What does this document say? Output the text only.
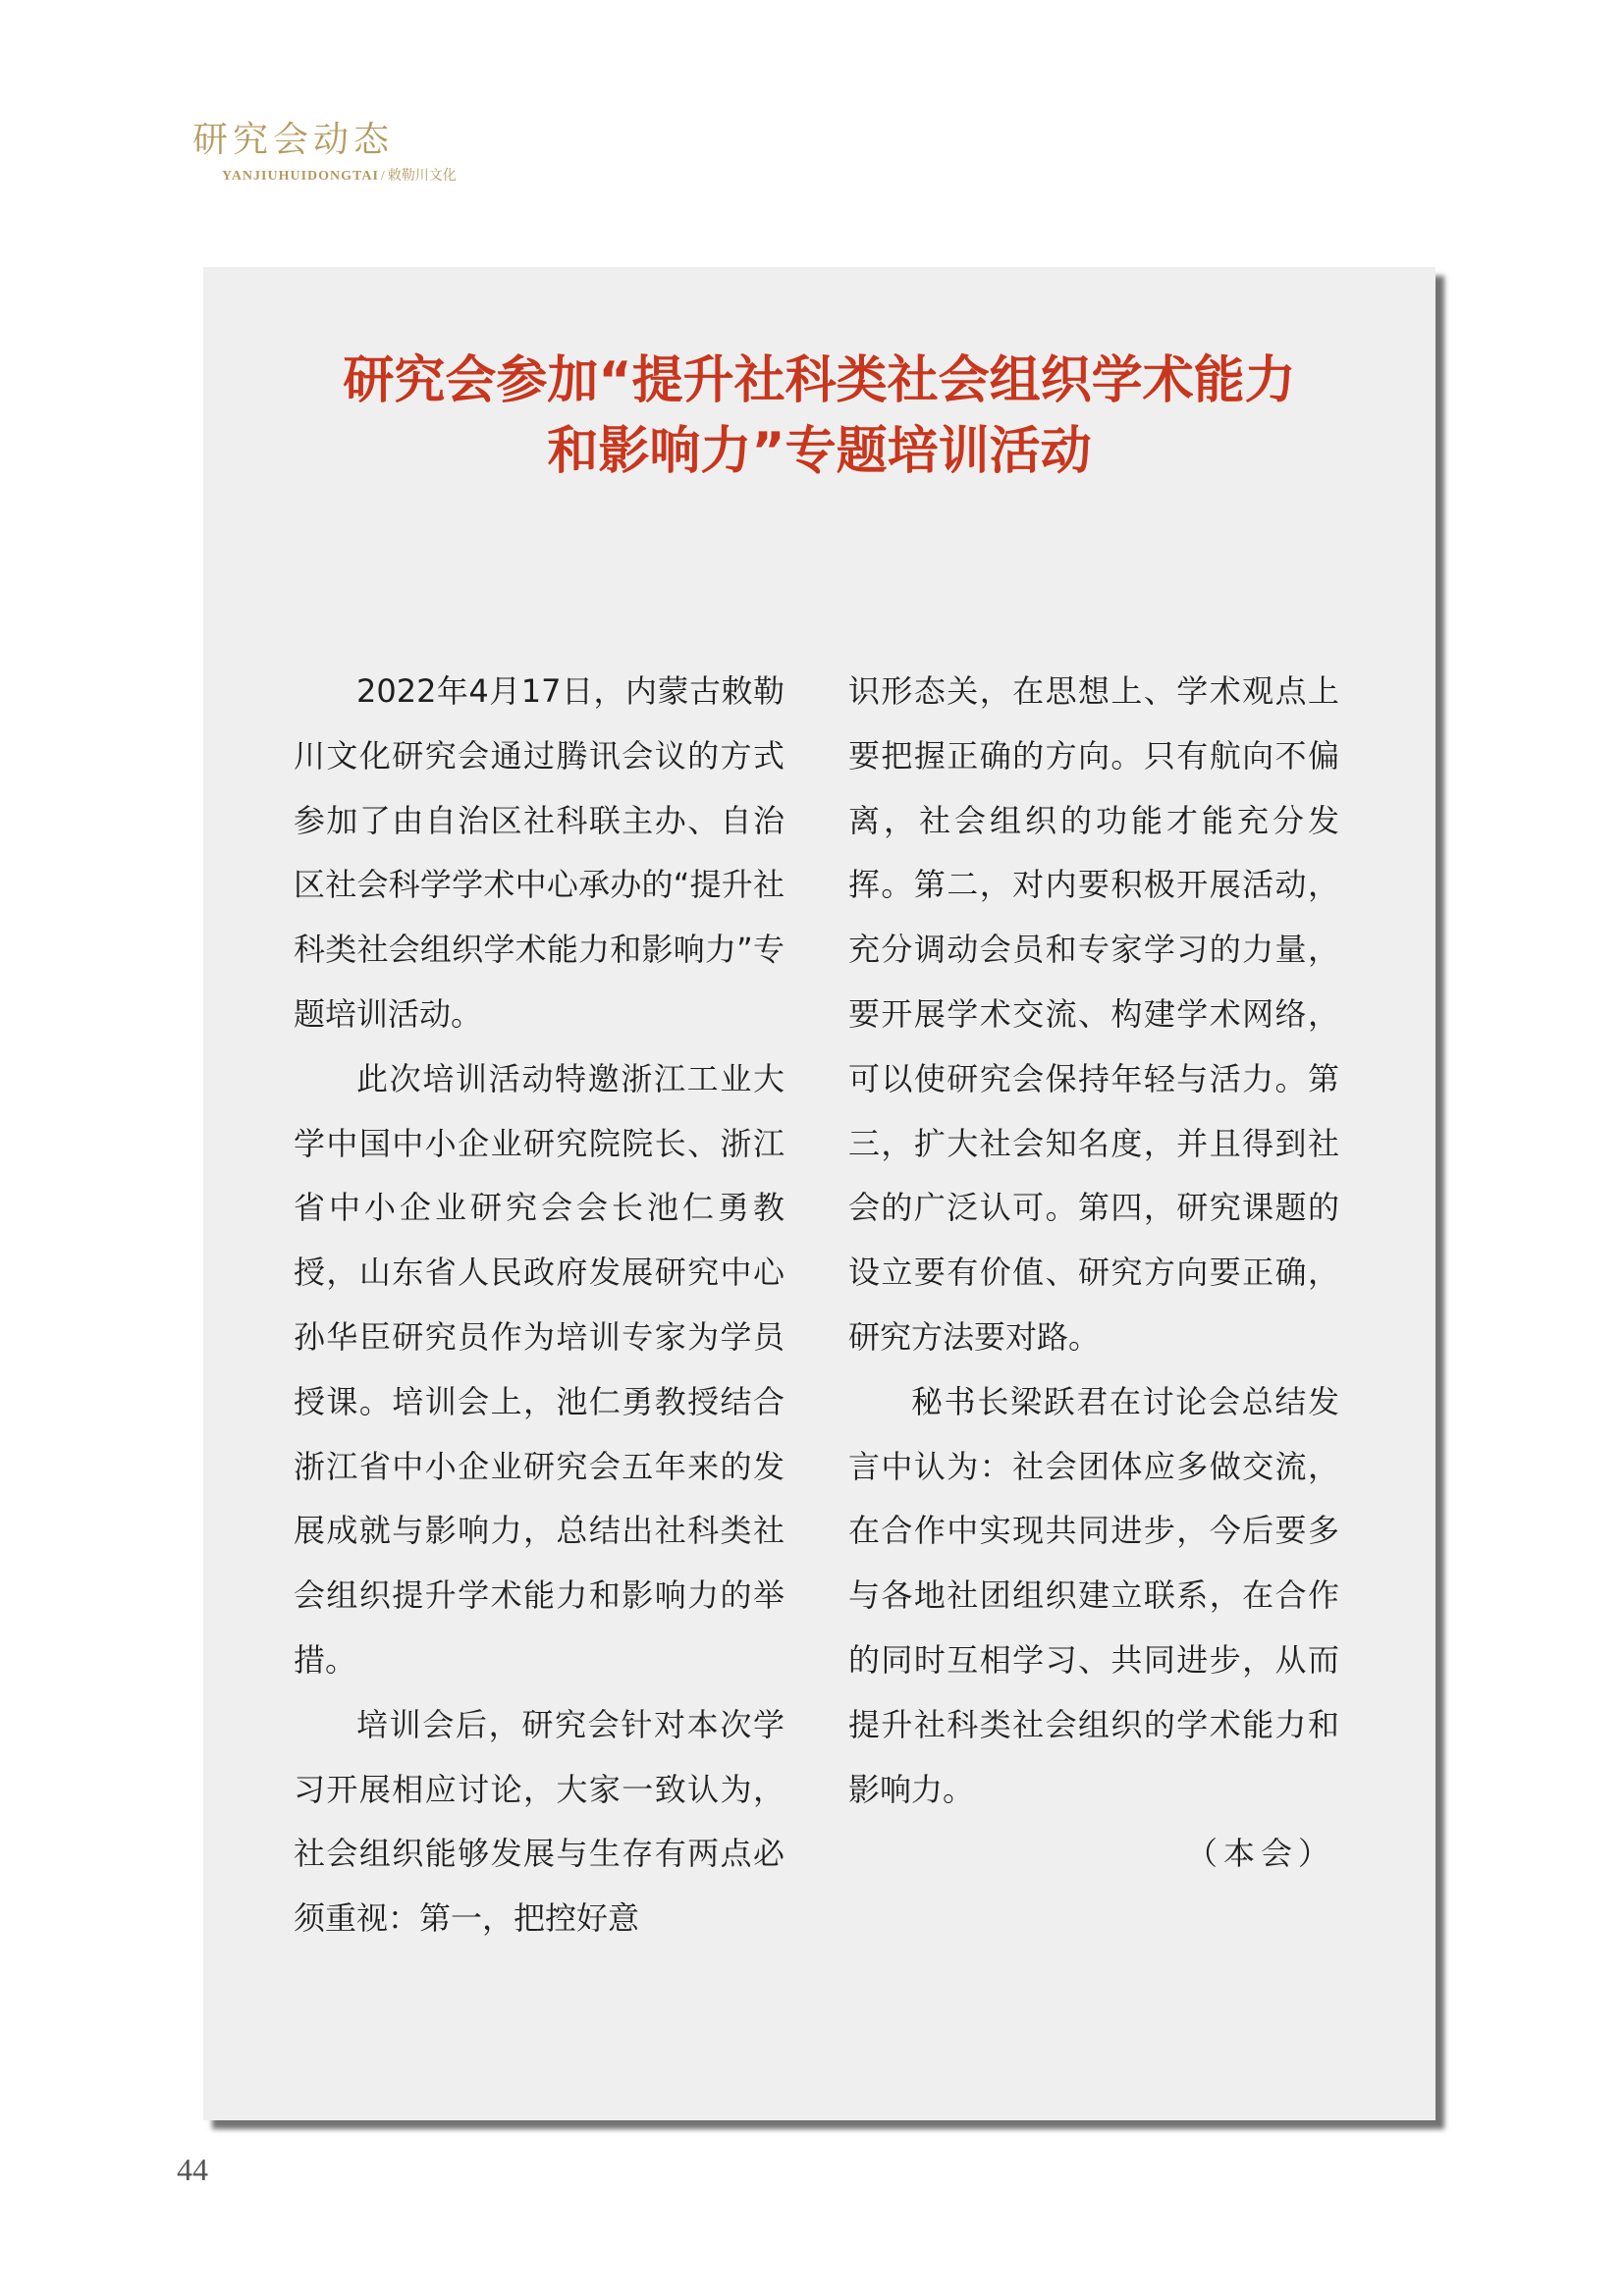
研究会动态
YANJIUHUIDONGTAI / 敕勒川文化
研究会参加“提升社科类社会组织学术能力
和影响力”专题培训活动

2022年4月17日，内蒙古敕勒川文化研究会通过腾讯会议的方式参加了由自治区社科联主办、自治区社会科学学术中心承办的“提升社科类社会组织学术能力和影响力”专题培训活动。

此次培训活动特邀浙江工业大学中国中小企业研究院院长、浙江省中小企业研究会会长池仁勇教授，山东省人民政府发展研究中心孙华臣研究员作为培训专家为学员授课。培训会上，池仁勇教授结合浙江省中小企业研究会五年来的发展成就与影响力，总结出社科类社会组织提升学术能力和影响力的举措。

培训会后，研究会针对本次学习开展相应讨论，大家一致认为，社会组织能够发展与生存有两点必须重视：第一，把控好意

识形态关，在思想上、学术观点上要把握正确的方向。只有航向不偏离，社会组织的功能才能充分发挥。第二，对内要积极开展活动，充分调动会员和专家学习的力量，要开展学术交流、构建学术网络，可以使研究会保持年轻与活力。第三，扩大社会知名度，并且得到社会的广泛认可。第四，研究课题的设立要有价值、研究方向要正确，研究方法要对路。

秘书长梁跃君在讨论会总结发言中认为：社会团体应多做交流，在合作中实现共同进步，今后要多与各地社团组织建立联系，在合作的同时互相学习、共同进步，从而提升社科类社会组织的学术能力和影响力。

（本会）

44
